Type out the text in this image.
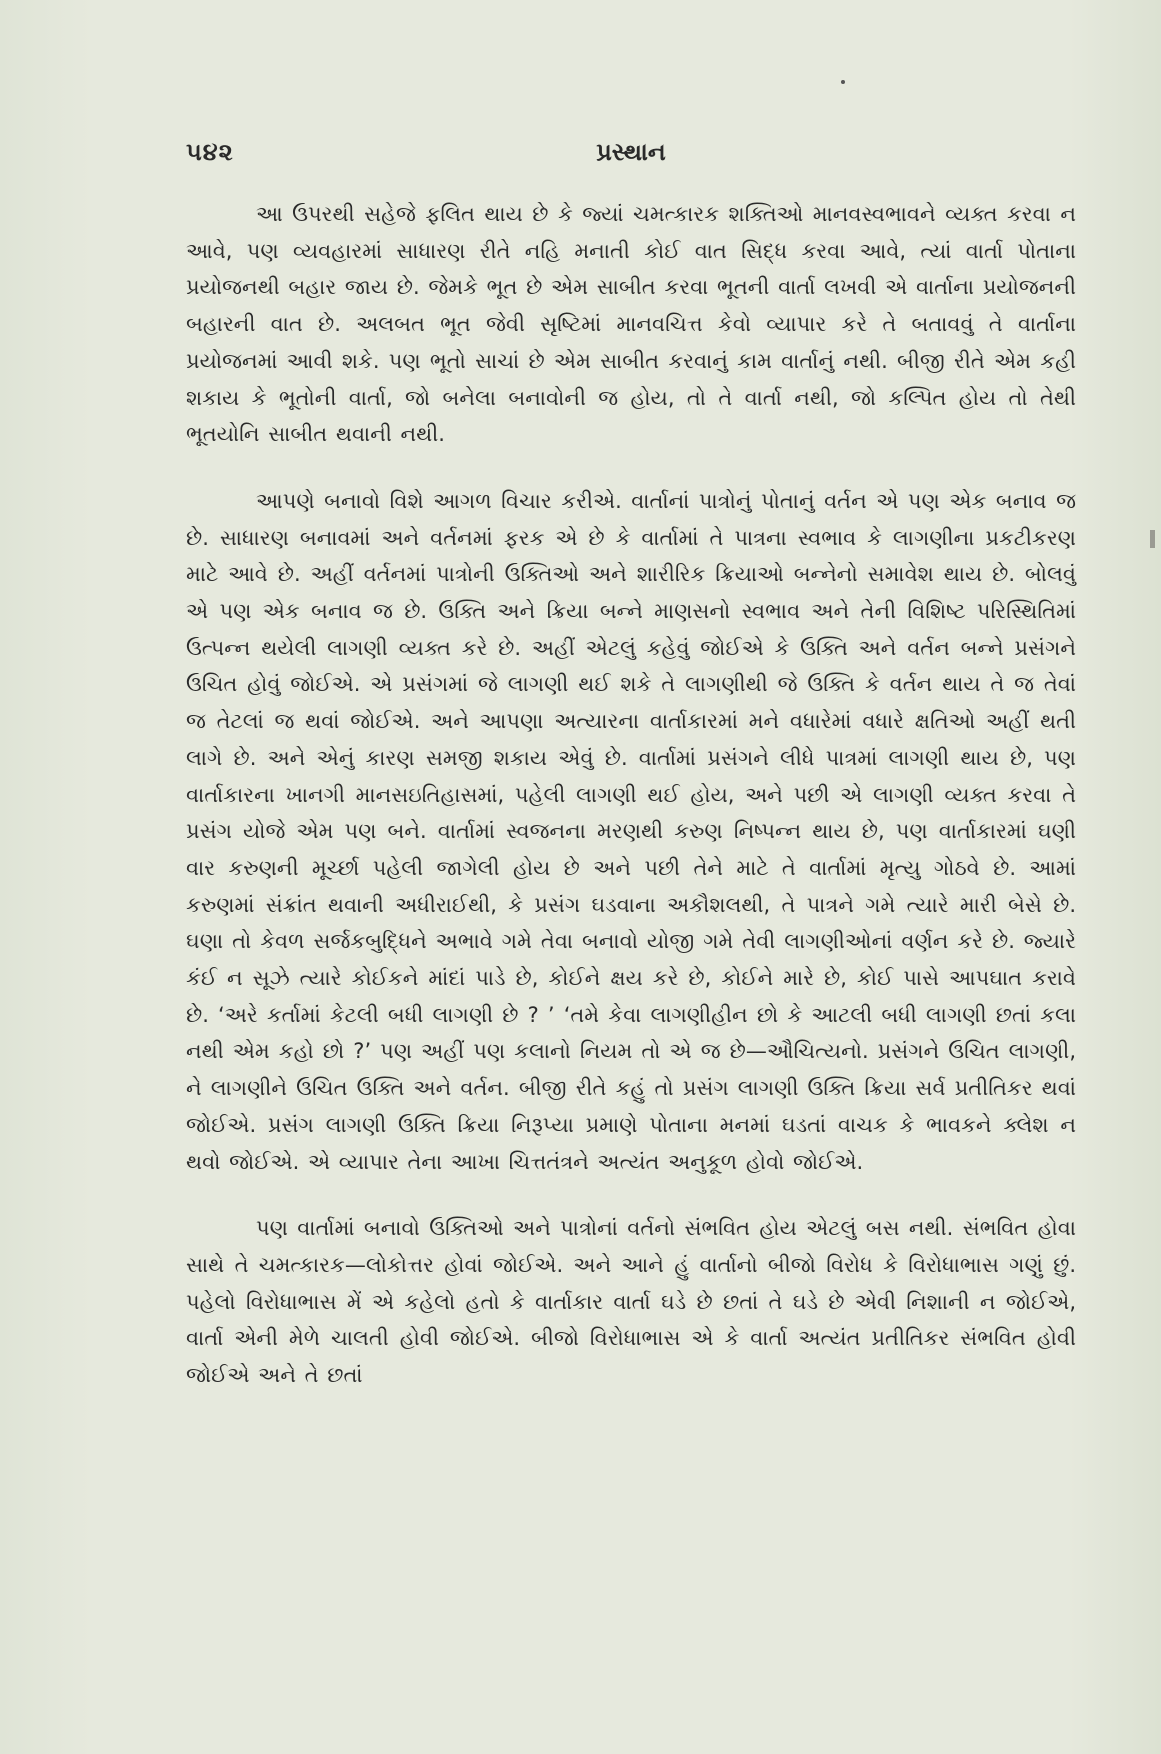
૫૪૨	પ્રસ્થાન

આ ઉપરથી સહેજે ફલિત થાય છે કે જ્યાં ચમત્કારક શક્તિઓ માનવસ્વભાવને વ્યક્ત કરવા ન આવે, પણ વ્યવહારમાં સાધારણ રીતે નહિ મનાતી કોઈ વાત સિદ્ધ કરવા આવે, ત્યાં વાર્તા પોતાના પ્રયોજનથી બહાર જાય છે. જેમકે ભૂત છે એમ સાબીત કરવા ભૂતની વાર્તા લખવી એ વાર્તાના પ્રયોજનની બહારની વાત છે. અલબત ભૂત જેવી સૃષ્ટિમાં માનવચિત્ત કેવો વ્યાપાર કરે તે બતાવવું તે વાર્તાના પ્રયોજનમાં આવી શકે. પણ ભૂતો સાચાં છે એમ સાબીત કરવાનું કામ વાર્તાનું નથી. બીજી રીતે એમ કહી શકાય કે ભૂતોની વાર્તા, જો બનેલા બનાવોની જ હોય, તો તે વાર્તા નથી, જો કલ્પિત હોય તો તેથી ભૂતયોનિ સાબીત થવાની નથી.

આપણે બનાવો વિશે આગળ વિચાર કરીએ. વાર્તાનાં પાત્રોનું પોતાનું વર્તન એ પણ એક બનાવ જ છે. સાધારણ બનાવમાં અને વર્તનમાં ફરક એ છે કે વાર્તામાં તે પાત્રના સ્વભાવ કે લાગણીના પ્રકટીકરણ માટે આવે છે. અહીં વર્તનમાં પાત્રોની ઉક્તિઓ અને શારીરિક ક્રિયાઓ બન્નેનો સમાવેશ થાય છે. બોલવું એ પણ એક બનાવ જ છે. ઉક્તિ અને ક્રિયા બન્ને માણસનો સ્વભાવ અને તેની વિશિષ્ટ પરિસ્થિતિમાં ઉત્પન્ન થયેલી લાગણી વ્યક્ત કરે છે. અહીં એટલું કહેવું જોઈએ કે ઉક્તિ અને વર્તન બન્ને પ્રસંગને ઉચિત હોવું જોઈએ. એ પ્રસંગમાં જે લાગણી થઈ શકે તે લાગણીથી જે ઉક્તિ કે વર્તન થાય તે જ તેવાં જ તેટલાં જ થવાં જોઈએ. અને આપણા અત્યારના વાર્તાકારમાં મને વધારેમાં વધારે ક્ષતિઓ અહીં થતી લાગે છે. અને એનું કારણ સમજી શકાય એવું છે. વાર્તામાં પ્રસંગને લીધે પાત્રમાં લાગણી થાય છે, પણ વાર્તાકારના ખાનગી માનસઇતિહાસમાં, પહેલી લાગણી થઈ હોય, અને પછી એ લાગણી વ્યક્ત કરવા તે પ્રસંગ યોજે એમ પણ બને. વાર્તામાં સ્વજનના મરણથી કરુણ નિષ્પન્ન થાય છે, પણ વાર્તાકારમાં ઘણી વાર કરુણની મૂર્ચ્છા પહેલી જાગેલી હોય છે અને પછી તેને માટે તે વાર્તામાં મૃત્યુ ગોઠવે છે. આમાં કરુણમાં સંક્રાંત થવાની અધીરાઈથી, કે પ્રસંગ ઘડવાના અકૌશલથી, તે પાત્રને ગમે ત્યારે મારી બેસે છે. ઘણા તો કેવળ સર્જકબુદ્ધિને અભાવે ગમે તેવા બનાવો યોજી ગમે તેવી લાગણીઓનાં વર્ણન કરે છે. જ્યારે કંઈ ન સૂઝે ત્યારે કોઈકને માંદાં પાડે છે, કોઈને ક્ષય કરે છે, કોઈને મારે છે, કોઈ પાસે આપઘાત કરાવે છે. ‘અરે કર્તામાં કેટલી બધી લાગણી છે ? ’ ‘તમે કેવા લાગણીહીન છો કે આટલી બધી લાગણી છતાં કલા નથી એમ કહો છો ?’ પણ અહીં પણ કલાનો નિયમ તો એ જ છે—ઔચિત્યનો. પ્રસંગને ઉચિત લાગણી, ને લાગણીને ઉચિત ઉક્તિ અને વર્તન. બીજી રીતે કહું તો પ્રસંગ લાગણી ઉક્તિ ક્રિયા સર્વ પ્રતીતિકર થવાં જોઈએ. પ્રસંગ લાગણી ઉક્તિ ક્રિયા નિરૂપ્યા પ્રમાણે પોતાના મનમાં ઘડતાં વાચક કે ભાવકને ક્લેશ ન થવો જોઈએ. એ વ્યાપાર તેના આખા ચિત્તતંત્રને અત્યંત અનુકૂળ હોવો જોઈએ.

પણ વાર્તામાં બનાવો ઉક્તિઓ અને પાત્રોનાં વર્તનો સંભવિત હોય એટલું બસ નથી. સંભવિત હોવા સાથે તે ચમત્કારક—લોકોત્તર હોવાં જોઈએ. અને આને હું વાર્તાનો બીજો વિરોધ કે વિરોધાભાસ ગણું છું. પહેલો વિરોધાભાસ મેં એ કહેલો હતો કે વાર્તાકાર વાર્તા ઘડે છે છતાં તે ઘડે છે એવી નિશાની ન જોઈએ, વાર્તા એની મેળે ચાલતી હોવી જોઈએ. બીજો વિરોધાભાસ એ કે વાર્તા અત્યંત પ્રતીતિકર સંભવિત હોવી જોઈએ અને તે છતાં
